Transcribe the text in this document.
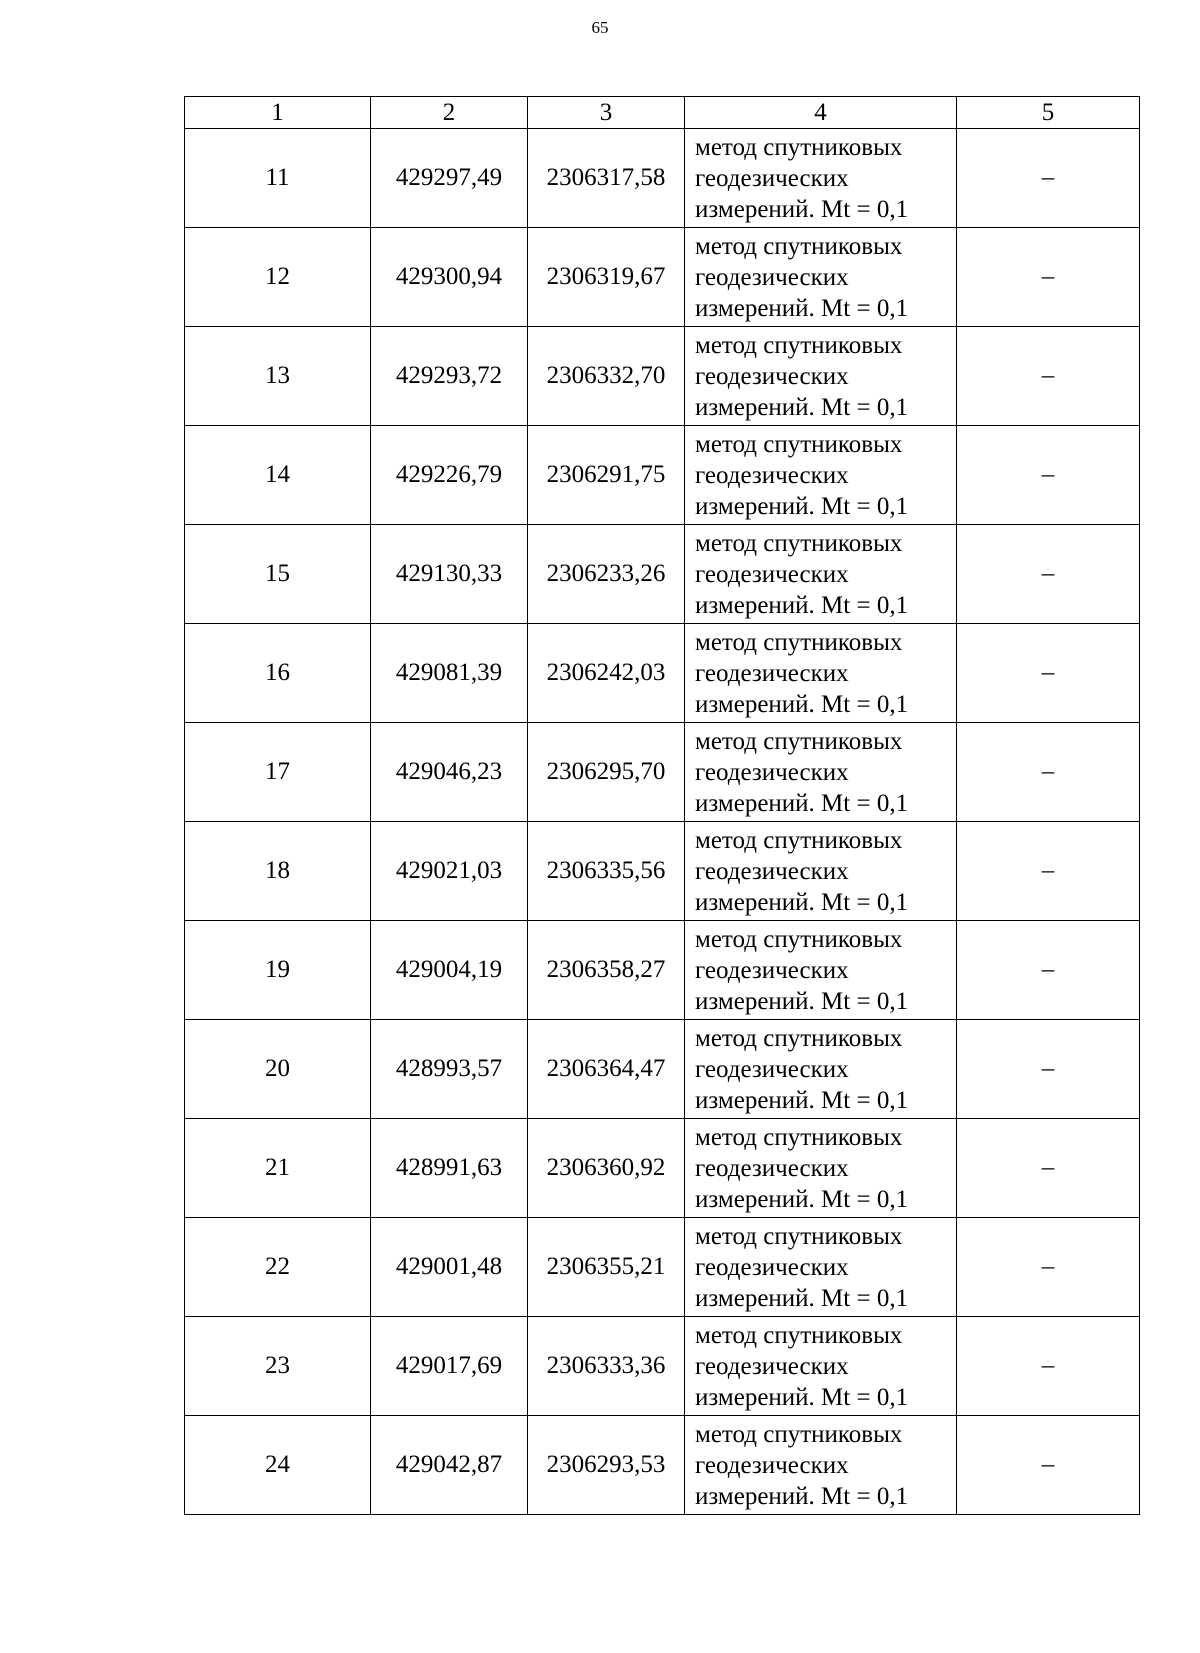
65
1	2	3	4	5
11	429297,49	2306317,58	метод спутниковых
геодезических
измерений. Mt = 0,1	–
12	429300,94	2306319,67	метод спутниковых
геодезических
измерений. Mt = 0,1	–
13	429293,72	2306332,70	метод спутниковых
геодезических
измерений. Mt = 0,1	–
14	429226,79	2306291,75	метод спутниковых
геодезических
измерений. Mt = 0,1	–
15	429130,33	2306233,26	метод спутниковых
геодезических
измерений. Mt = 0,1	–
16	429081,39	2306242,03	метод спутниковых
геодезических
измерений. Mt = 0,1	–
17	429046,23	2306295,70	метод спутниковых
геодезических
измерений. Mt = 0,1	–
18	429021,03	2306335,56	метод спутниковых
геодезических
измерений. Mt = 0,1	–
19	429004,19	2306358,27	метод спутниковых
геодезических
измерений. Mt = 0,1	–
20	428993,57	2306364,47	метод спутниковых
геодезических
измерений. Mt = 0,1	–
21	428991,63	2306360,92	метод спутниковых
геодезических
измерений. Mt = 0,1	–
22	429001,48	2306355,21	метод спутниковых
геодезических
измерений. Mt = 0,1	–
23	429017,69	2306333,36	метод спутниковых
геодезических
измерений. Mt = 0,1	–
24	429042,87	2306293,53	метод спутниковых
геодезических
измерений. Mt = 0,1	–
